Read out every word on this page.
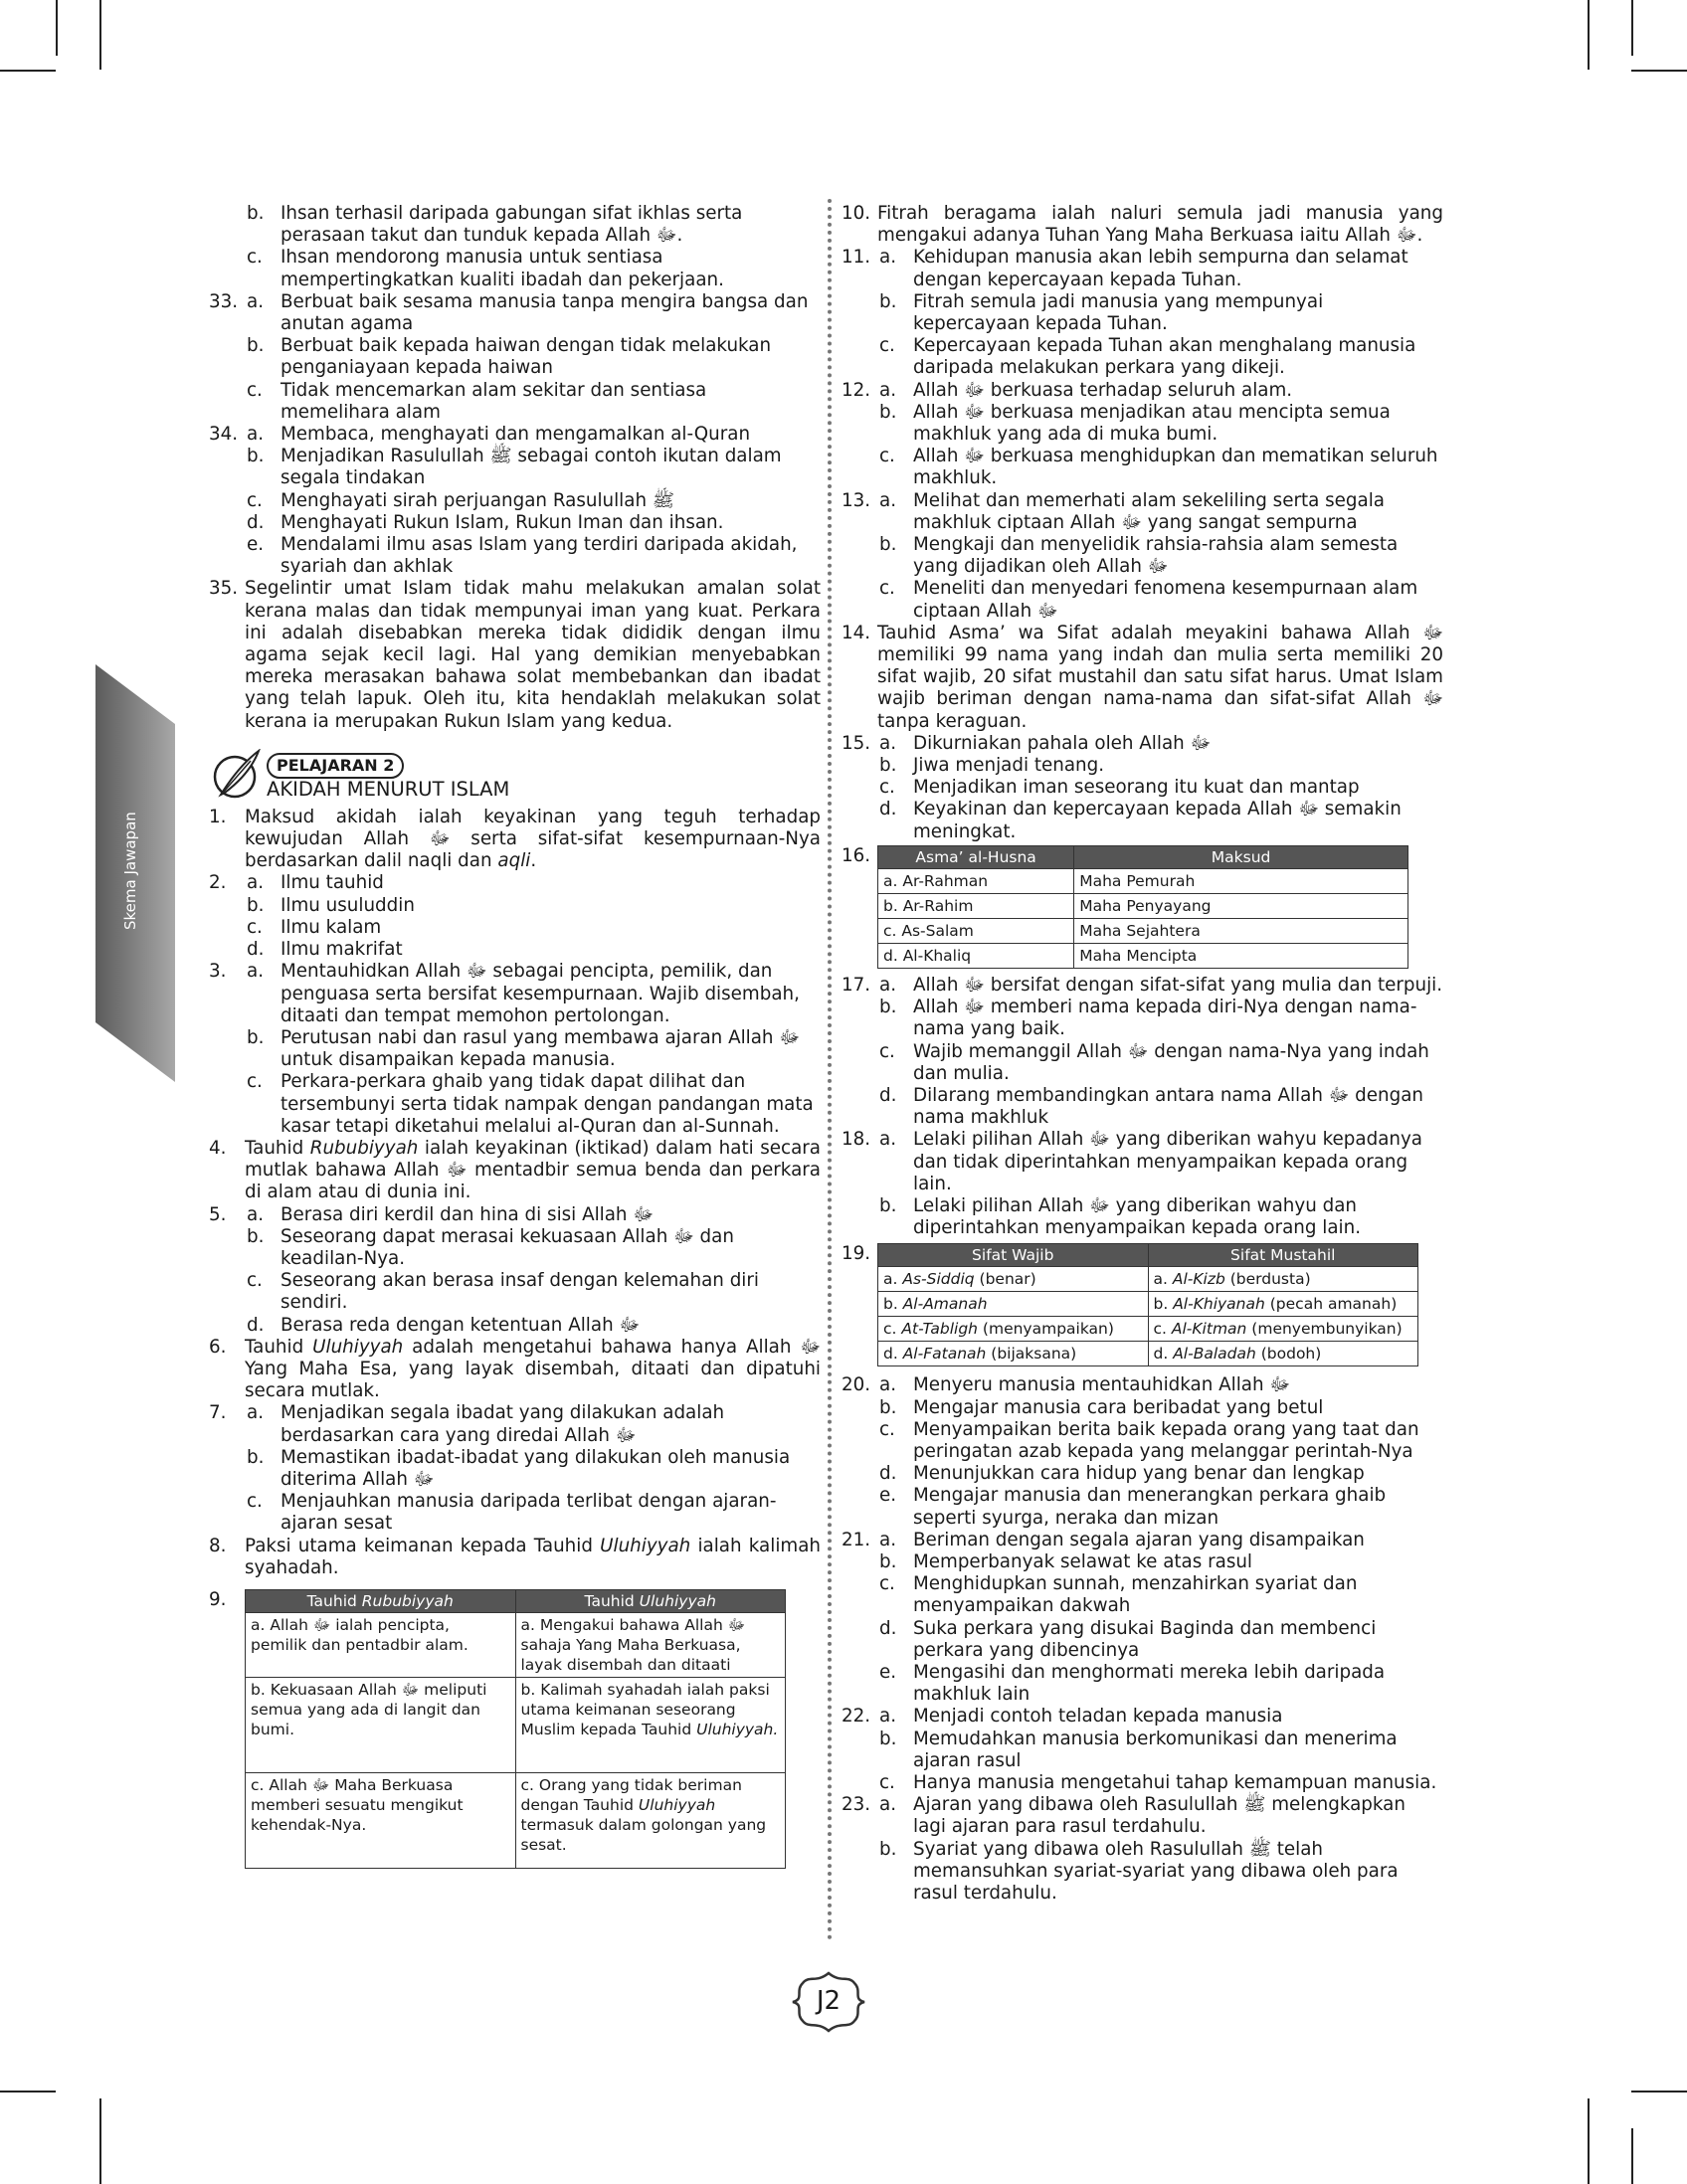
Skema Jawapan
b. Ihsan terhasil daripada gabungan sifat ikhlas serta perasaan takut dan tunduk kepada Allah ﷻ.
c. Ihsan mendorong manusia untuk sentiasa mempertingkatkan kualiti ibadah dan pekerjaan.
33. a. Berbuat baik sesama manusia tanpa mengira bangsa dan anutan agama
b. Berbuat baik kepada haiwan dengan tidak melakukan penganiayaan kepada haiwan
c. Tidak mencemarkan alam sekitar dan sentiasa memelihara alam
34. a. Membaca, menghayati dan mengamalkan al-Quran
b. Menjadikan Rasulullah ﷺ sebagai contoh ikutan dalam segala tindakan
c. Menghayati sirah perjuangan Rasulullah ﷺ
d. Menghayati Rukun Islam, Rukun Iman dan ihsan.
e. Mendalami ilmu asas Islam yang terdiri daripada akidah, syariah dan akhlak
35. Segelintir umat Islam tidak mahu melakukan amalan solat kerana malas dan tidak mempunyai iman yang kuat. Perkara ini adalah disebabkan mereka tidak dididik dengan ilmu agama sejak kecil lagi. Hal yang demikian menyebabkan mereka merasakan bahawa solat membebankan dan ibadat yang telah lapuk. Oleh itu, kita hendaklah melakukan solat kerana ia merupakan Rukun Islam yang kedua.
PELAJARAN 2
AKIDAH MENURUT ISLAM
1.	Maksud akidah ialah keyakinan yang teguh terhadap kewujudan Allah ﷻ serta sifat-sifat kesempurnaan-Nya berdasarkan dalil naqli dan aqli.
2. a. Ilmu tauhid
b. Ilmu usuluddin
c. Ilmu kalam
d. Ilmu makrifat
3. a. Mentauhidkan Allah ﷻ sebagai pencipta, pemilik, dan penguasa serta bersifat kesempurnaan. Wajib disembah, ditaati dan tempat memohon pertolongan.
b. Perutusan nabi dan rasul yang membawa ajaran Allah ﷻ untuk disampaikan kepada manusia.
c. Perkara-perkara ghaib yang tidak dapat dilihat dan tersembunyi serta tidak nampak dengan pandangan mata kasar tetapi diketahui melalui al-Quran dan al-Sunnah.
4.	Tauhid Rububiyyah ialah keyakinan (iktikad) dalam hati secara mutlak bahawa Allah ﷻ mentadbir semua benda dan perkara di alam atau di dunia ini.
5. a. Berasa diri kerdil dan hina di sisi Allah ﷻ
b. Seseorang dapat merasai kekuasaan Allah ﷻ dan keadilan-Nya.
c. Seseorang akan berasa insaf dengan kelemahan diri sendiri.
d. Berasa reda dengan ketentuan Allah ﷻ
6.	Tauhid Uluhiyyah adalah mengetahui bahawa hanya Allah ﷻ Yang Maha Esa, yang layak disembah, ditaati dan dipatuhi secara mutlak.
7. a. Menjadikan segala ibadat yang dilakukan adalah berdasarkan cara yang diredai Allah ﷻ
b. Memastikan ibadat-ibadat yang dilakukan oleh manusia diterima Allah ﷻ
c. Menjauhkan manusia daripada terlibat dengan ajaran-ajaran sesat
8.	Paksi utama keimanan kepada Tauhid Uluhiyyah ialah kalimah syahadah.
9.	Tauhid Rububiyyah	Tauhid Uluhiyyah
a. Allah ﷻ ialah pencipta, pemilik dan pentadbir alam.	a. Mengakui bahawa Allah ﷻ sahaja Yang Maha Berkuasa, layak disembah dan ditaati
b. Kekuasaan Allah ﷻ meliputi semua yang ada di langit dan bumi.	b. Kalimah syahadah ialah paksi utama keimanan seseorang Muslim kepada Tauhid Uluhiyyah.
c. Allah ﷻ Maha Berkuasa memberi sesuatu mengikut kehendak-Nya.	c. Orang yang tidak beriman dengan Tauhid Uluhiyyah termasuk dalam golongan yang sesat.
10. Fitrah beragama ialah naluri semula jadi manusia yang mengakui adanya Tuhan Yang Maha Berkuasa iaitu Allah ﷻ.
11. a. Kehidupan manusia akan lebih sempurna dan selamat dengan kepercayaan kepada Tuhan.
b. Fitrah semula jadi manusia yang mempunyai kepercayaan kepada Tuhan.
c. Kepercayaan kepada Tuhan akan menghalang manusia daripada melakukan perkara yang dikeji.
12. a. Allah ﷻ berkuasa terhadap seluruh alam.
b. Allah ﷻ berkuasa menjadikan atau mencipta semua makhluk yang ada di muka bumi.
c. Allah ﷻ berkuasa menghidupkan dan mematikan seluruh makhluk.
13. a. Melihat dan memerhati alam sekeliling serta segala makhluk ciptaan Allah ﷻ yang sangat sempurna
b. Mengkaji dan menyelidik rahsia-rahsia alam semesta yang dijadikan oleh Allah ﷻ
c. Meneliti dan menyedari fenomena kesempurnaan alam ciptaan Allah ﷻ
14. Tauhid Asma’ wa Sifat adalah meyakini bahawa Allah ﷻ memiliki 99 nama yang indah dan mulia serta memiliki 20 sifat wajib, 20 sifat mustahil dan satu sifat harus. Umat Islam wajib beriman dengan nama-nama dan sifat-sifat Allah ﷻ tanpa keraguan.
15. a. Dikurniakan pahala oleh Allah ﷻ
b. Jiwa menjadi tenang.
c. Menjadikan iman seseorang itu kuat dan mantap
d. Keyakinan dan kepercayaan kepada Allah ﷻ semakin meningkat.
16.	Asma’ al-Husna	Maksud
a. Ar-Rahman	Maha Pemurah
b. Ar-Rahim	Maha Penyayang
c. As-Salam	Maha Sejahtera
d. Al-Khaliq	Maha Mencipta
17. a. Allah ﷻ bersifat dengan sifat-sifat yang mulia dan terpuji.
b. Allah ﷻ memberi nama kepada diri-Nya dengan nama-nama yang baik.
c. Wajib memanggil Allah ﷻ dengan nama-Nya yang indah dan mulia.
d. Dilarang membandingkan antara nama Allah ﷻ dengan nama makhluk
18. a. Lelaki pilihan Allah ﷻ yang diberikan wahyu kepadanya dan tidak diperintahkan menyampaikan kepada orang lain.
b. Lelaki pilihan Allah ﷻ yang diberikan wahyu dan diperintahkan menyampaikan kepada orang lain.
19.	Sifat Wajib	Sifat Mustahil
a. As-Siddiq (benar)	a. Al-Kizb (berdusta)
b. Al-Amanah	b. Al-Khiyanah (pecah amanah)
c. At-Tabligh (menyampaikan)	c. Al-Kitman (menyembunyikan)
d. Al-Fatanah (bijaksana)	d. Al-Baladah (bodoh)
20. a. Menyeru manusia mentauhidkan Allah ﷻ
b. Mengajar manusia cara beribadat yang betul
c. Menyampaikan berita baik kepada orang yang taat dan peringatan azab kepada yang melanggar perintah-Nya
d. Menunjukkan cara hidup yang benar dan lengkap
e. Mengajar manusia dan menerangkan perkara ghaib seperti syurga, neraka dan mizan
21. a. Beriman dengan segala ajaran yang disampaikan
b. Memperbanyak selawat ke atas rasul
c. Menghidupkan sunnah, menzahirkan syariat dan menyampaikan dakwah
d. Suka perkara yang disukai Baginda dan membenci perkara yang dibencinya
e. Mengasihi dan menghormati mereka lebih daripada makhluk lain
22. a. Menjadi contoh teladan kepada manusia
b. Memudahkan manusia berkomunikasi dan menerima ajaran rasul
c. Hanya manusia mengetahui tahap kemampuan manusia.
23. a. Ajaran yang dibawa oleh Rasulullah ﷺ melengkapkan lagi ajaran para rasul terdahulu.
b. Syariat yang dibawa oleh Rasulullah ﷺ telah memansuhkan syariat-syariat yang dibawa oleh para rasul terdahulu.
J2
